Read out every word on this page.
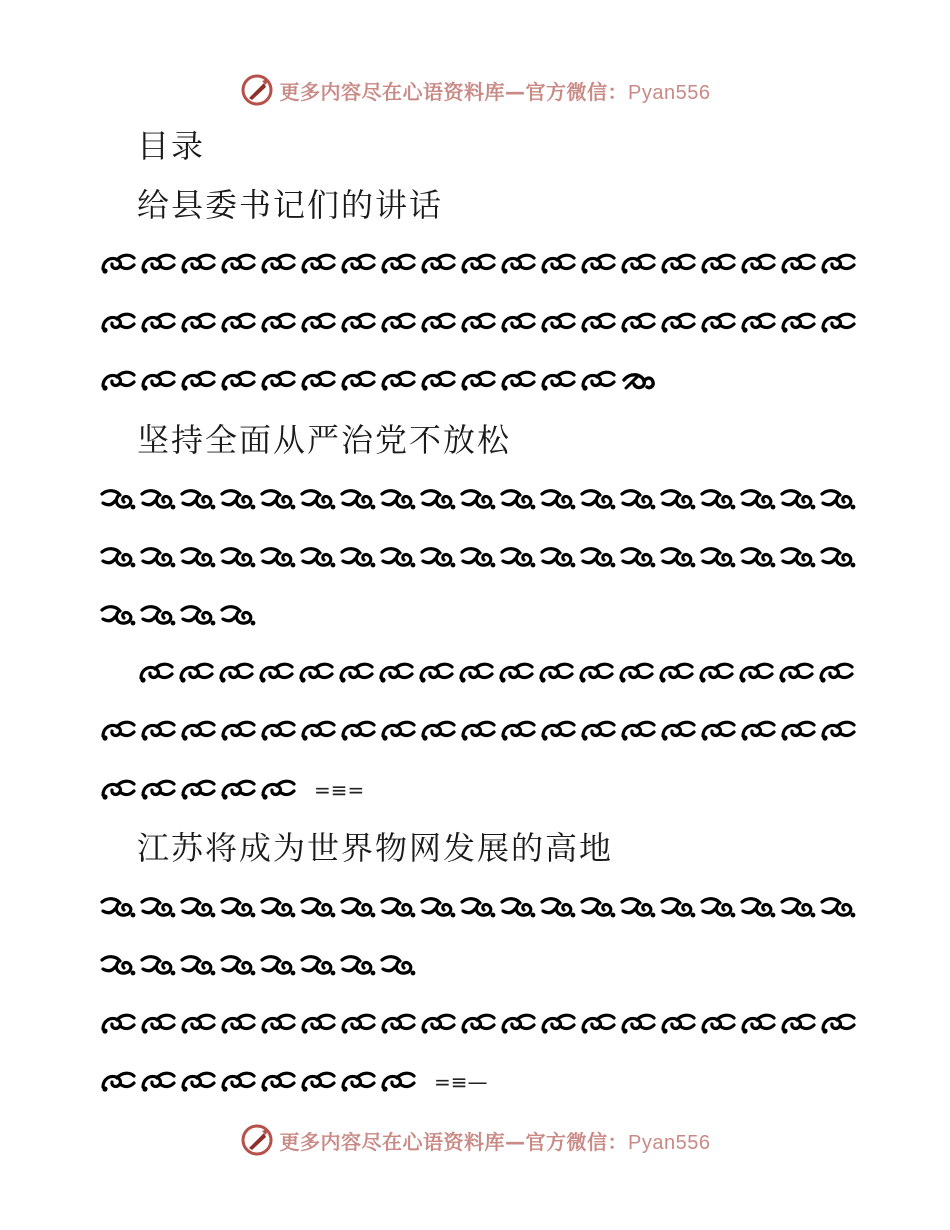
更多内容尽在心语资料库—官方微信：Pyan556
目录
给县委书记们的讲话
坚持全面从严治党不放松
=≡=
江苏将成为世界物网发展的高地
=≡—
更多内容尽在心语资料库—官方微信：Pyan556
